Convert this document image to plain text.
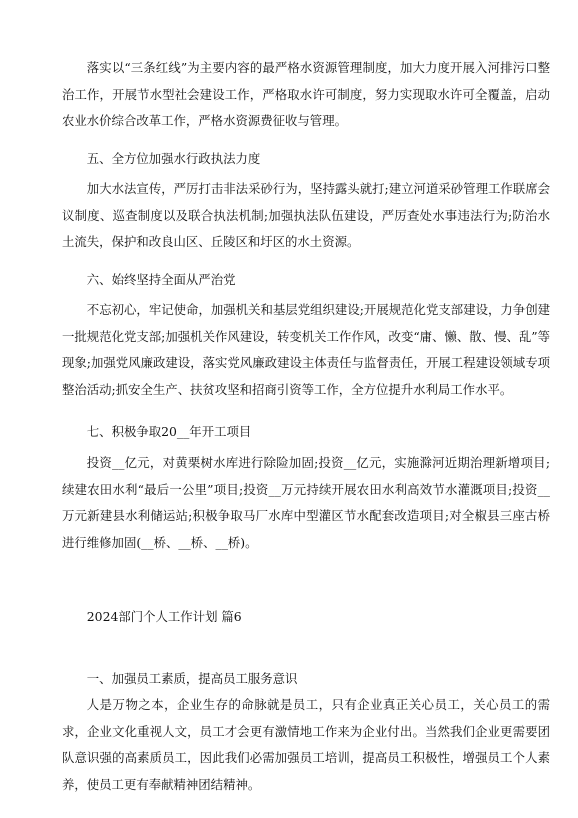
落实以“三条红线”为主要内容的最严格水资源管理制度，加大力度开展入河排污口整治工作，开展节水型社会建设工作，严格取水许可制度，努力实现取水许可全覆盖，启动农业水价综合改革工作，严格水资源费征收与管理。

五、全方位加强水行政执法力度

加大水法宣传，严厉打击非法采砂行为，坚持露头就打;建立河道采砂管理工作联席会议制度、巡查制度以及联合执法机制;加强执法队伍建设，严厉查处水事违法行为;防治水土流失，保护和改良山区、丘陵区和圩区的水土资源。

六、始终坚持全面从严治党

不忘初心，牢记使命，加强机关和基层党组织建设;开展规范化党支部建设，力争创建一批规范化党支部;加强机关作风建设，转变机关工作作风，改变“庸、懒、散、慢、乱”等现象;加强党风廉政建设，落实党风廉政建设主体责任与监督责任，开展工程建设领域专项整治活动;抓安全生产、扶贫攻坚和招商引资等工作，全方位提升水利局工作水平。

七、积极争取20__年开工项目

投资__亿元，对黄栗树水库进行除险加固;投资__亿元，实施滁河近期治理新增项目;续建农田水利“最后一公里”项目;投资__万元持续开展农田水利高效节水灌溉项目;投资__万元新建县水利储运站;积极争取马厂水库中型灌区节水配套改造项目;对全椒县三座古桥进行维修加固(__桥、__桥、__桥)。

2024部门个人工作计划 篇6

一、加强员工素质，提高员工服务意识

人是万物之本，企业生存的命脉就是员工，只有企业真正关心员工，关心员工的需求，企业文化重视人文，员工才会更有激情地工作来为企业付出。当然我们企业更需要团队意识强的高素质员工，因此我们必需加强员工培训，提高员工积极性，增强员工个人素养，使员工更有奉献精神团结精神。
